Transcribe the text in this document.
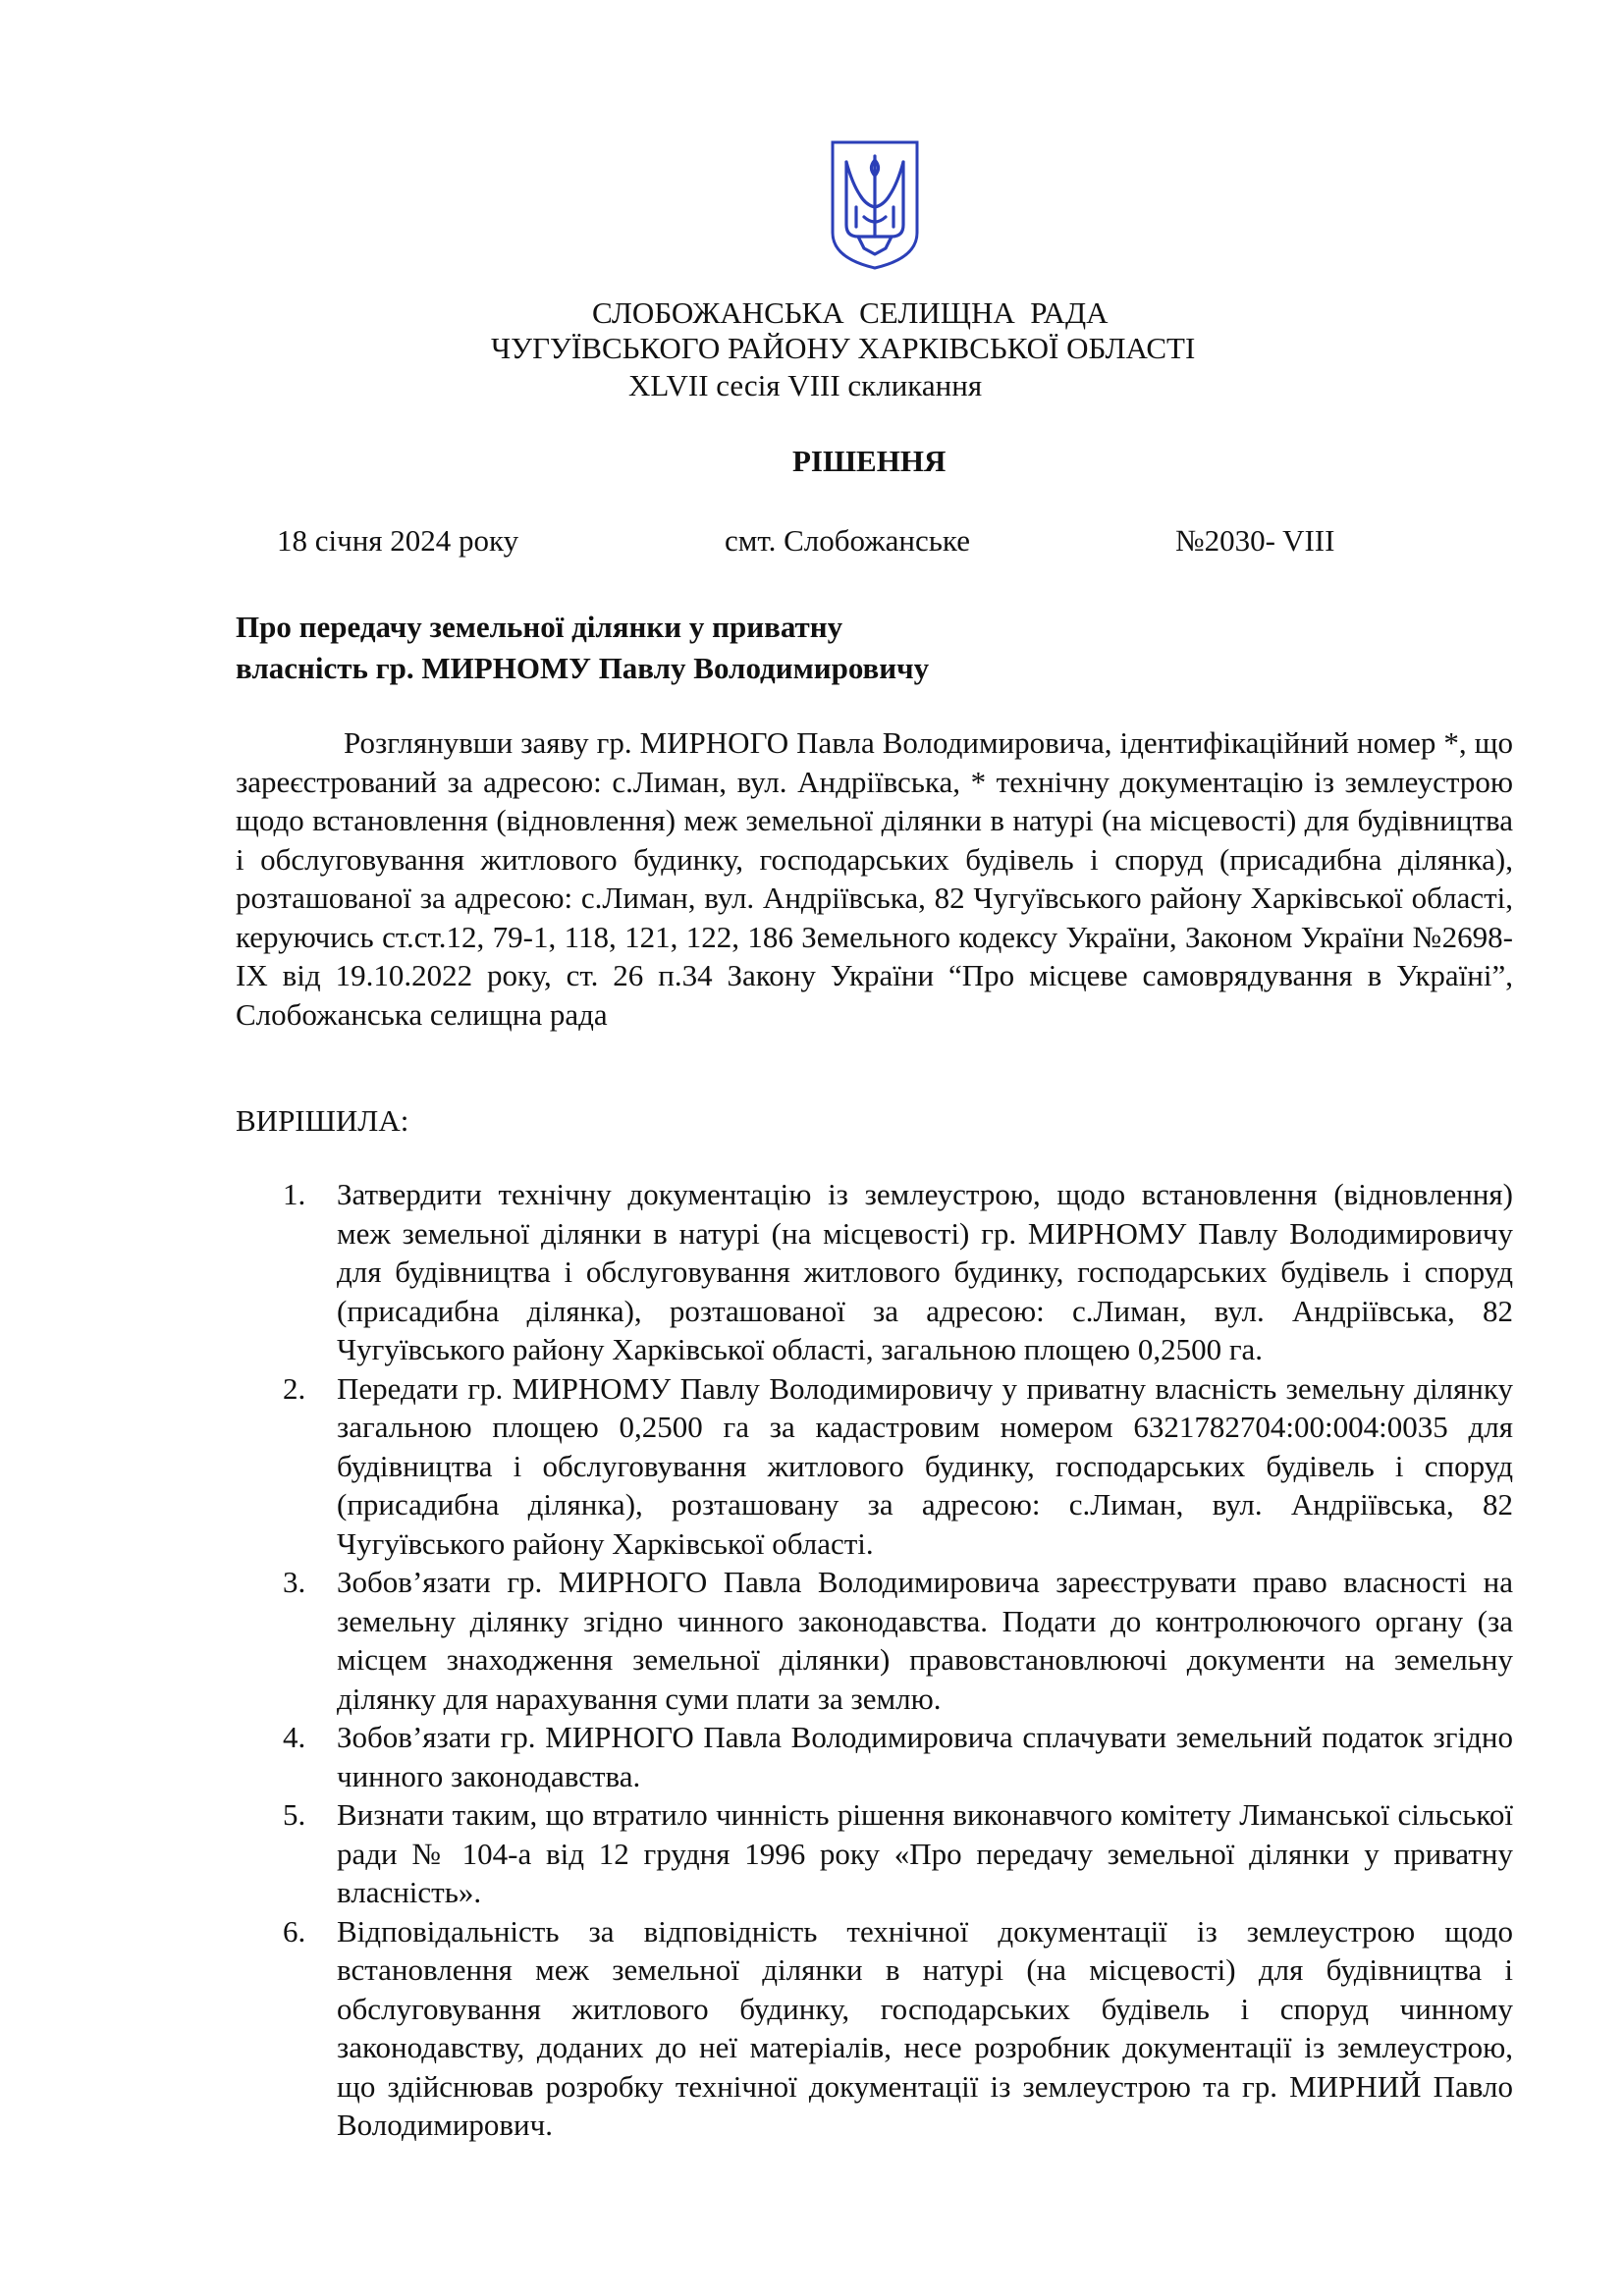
СЛОБОЖАНСЬКА  СЕЛИЩНА  РАДА
ЧУГУЇВСЬКОГО РАЙОНУ ХАРКІВСЬКОЇ ОБЛАСТІ
XLVII сесія VIII скликання
РІШЕННЯ
18 січня 2024 року	смт. Слобожанське	№2030- VIII
Про передачу земельної ділянки у приватну
власність гр. МИРНОМУ Павлу Володимировичу
Розглянувши заяву гр. МИРНОГО Павла Володимировича, ідентифікаційний номер *, що зареєстрований за адресою: с.Лиман, вул. Андріївська, * технічну документацію із землеустрою щодо встановлення (відновлення) меж земельної ділянки в натурі (на місцевості) для будівництва і обслуговування житлового будинку, господарських будівель і споруд (присадибна ділянка), розташованої за адресою: с.Лиман, вул. Андріївська, 82 Чугуївського району Харківської області, керуючись ст.ст.12, 79-1, 118, 121, 122, 186 Земельного кодексу України, Законом України №2698-IX від 19.10.2022 року, ст. 26 п.34 Закону України “Про місцеве самоврядування в Україні”, Слобожанська селищна рада
ВИРІШИЛА:
1. Затвердити технічну документацію із землеустрою, щодо встановлення (відновлення) меж земельної ділянки в натурі (на місцевості) гр. МИРНОМУ Павлу Володимировичу для будівництва і обслуговування житлового будинку, господарських будівель і споруд (присадибна ділянка), розташованої за адресою: с.Лиман, вул. Андріївська, 82 Чугуївського району Харківської області, загальною площею 0,2500 га.
2. Передати гр. МИРНОМУ Павлу Володимировичу у приватну власність земельну ділянку загальною площею 0,2500 га за кадастровим номером 6321782704:00:004:0035 для будівництва і обслуговування житлового будинку, господарських будівель і споруд (присадибна ділянка), розташовану за адресою: с.Лиман, вул. Андріївська, 82 Чугуївського району Харківської області.
3. Зобов’язати гр. МИРНОГО Павла Володимировича зареєструвати право власності на земельну ділянку згідно чинного законодавства. Подати до контролюючого органу (за місцем знаходження земельної ділянки) правовстановлюючі документи на земельну ділянку для нарахування суми плати за землю.
4. Зобов’язати гр. МИРНОГО Павла Володимировича сплачувати земельний податок згідно чинного законодавства.
5. Визнати таким, що втратило чинність рішення виконавчого комітету Лиманської сільської ради № 104-а від 12 грудня 1996 року «Про передачу земельної ділянки у приватну власність».
6. Відповідальність за відповідність технічної документації із землеустрою щодо встановлення меж земельної ділянки в натурі (на місцевості) для будівництва і обслуговування житлового будинку, господарських будівель і споруд чинному законодавству, доданих до неї матеріалів, несе розробник документації із землеустрою, що здійснював розробку технічної документації із землеустрою та гр. МИРНИЙ Павло Володимирович.
